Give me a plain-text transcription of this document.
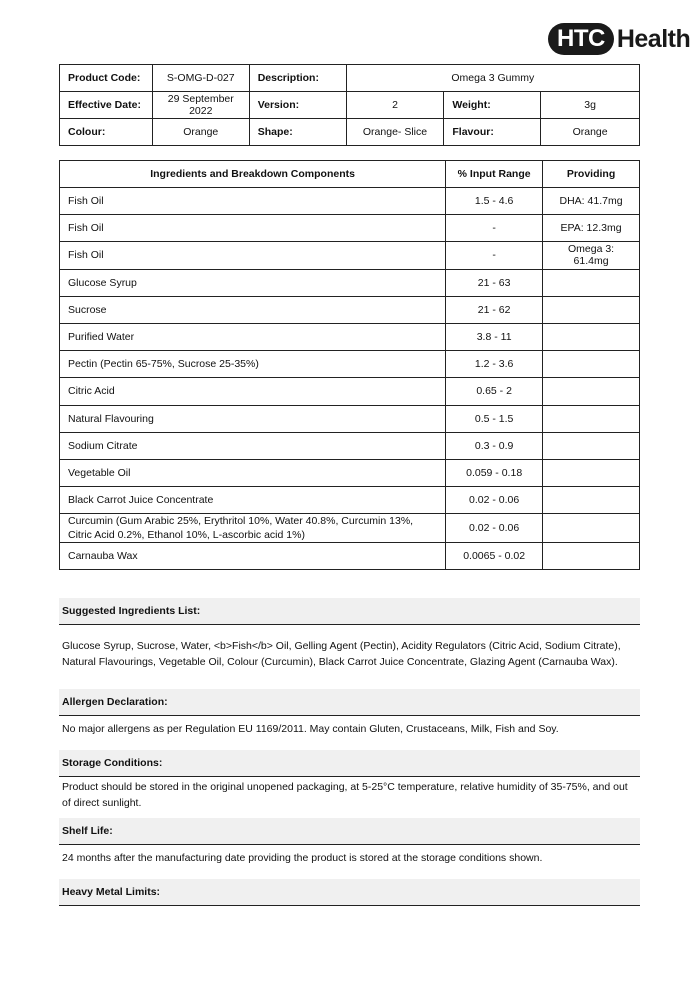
HTC Health
Product Code:	S-OMG-D-027	Description:	Omega 3 Gummy		
Effective Date:	29 September 2022	Version:	2	Weight:	3g
Colour:	Orange	Shape:	Orange- Slice	Flavour:	Orange
Ingredients and Breakdown Components	% Input Range	Providing
Fish Oil	1.5 - 4.6	DHA: 41.7mg
Fish Oil	-	EPA: 12.3mg
Fish Oil	-	Omega 3: 61.4mg
Glucose Syrup	21 - 63	
Sucrose	21 - 62	
Purified Water	3.8 - 11	
Pectin (Pectin 65-75%, Sucrose 25-35%)	1.2 - 3.6	
Citric Acid	0.65 - 2	
Natural Flavouring	0.5 - 1.5	
Sodium Citrate	0.3 - 0.9	
Vegetable Oil	0.059 - 0.18	
Black Carrot Juice Concentrate	0.02 - 0.06	
Curcumin (Gum Arabic 25%, Erythritol 10%, Water 40.8%, Curcumin 13%, Citric Acid 0.2%, Ethanol 10%, L-ascorbic acid 1%)	0.02 - 0.06	
Carnauba Wax	0.0065 - 0.02	
Suggested Ingredients List:
Glucose Syrup, Sucrose, Water, <b>Fish</b> Oil, Gelling Agent (Pectin), Acidity Regulators (Citric Acid, Sodium Citrate), Natural Flavourings, Vegetable Oil, Colour (Curcumin), Black Carrot Juice Concentrate, Glazing Agent (Carnauba Wax).
Allergen Declaration:
No major allergens as per Regulation EU 1169/2011. May contain Gluten, Crustaceans, Milk, Fish and Soy.
Storage Conditions:
Product should be stored in the original unopened packaging, at 5-25°C temperature, relative humidity of 35-75%, and out of direct sunlight.
Shelf Life:
24 months after the manufacturing date providing the product is stored at the storage conditions shown.
Heavy Metal Limits:
